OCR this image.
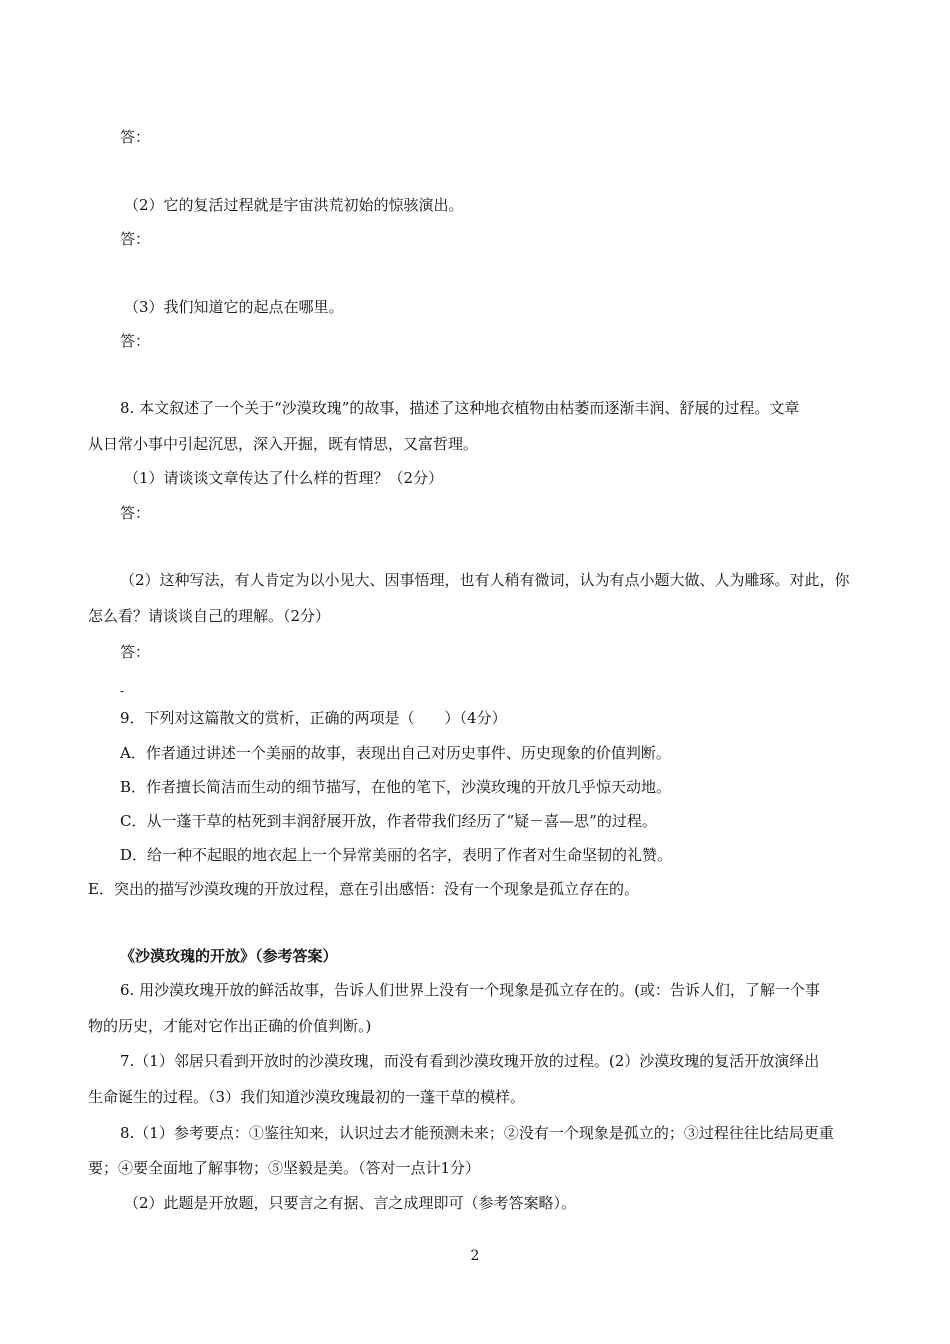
答：
（2）它的复活过程就是宇宙洪荒初始的惊骇演出。
答：
（3）我们知道它的起点在哪里。
答：
8. 本文叙述了一个关于“沙漠玫瑰”的故事，描述了这种地衣植物由枯萎而逐渐丰润、舒展的过程。文章
从日常小事中引起沉思，深入开掘，既有情思，又富哲理。
（1）请谈谈文章传达了什么样的哲理？（2分）
答：
（2）这种写法，有人肯定为以小见大、因事悟理，也有人稍有微词，认为有点小题大做、人为雕琢。对此，你
怎么看？请谈谈自己的理解。（2分）
答：
-
9．下列对这篇散文的赏析，正确的两项是（　　）（4分）
A．作者通过讲述一个美丽的故事，表现出自己对历史事件、历史现象的价值判断。
B．作者擅长简洁而生动的细节描写，在他的笔下，沙漠玫瑰的开放几乎惊天动地。
C．从一蓬干草的枯死到丰润舒展开放，作者带我们经历了“疑－喜—思”的过程。
D．给一种不起眼的地衣起上一个异常美丽的名字，表明了作者对生命坚韧的礼赞。
E．突出的描写沙漠玫瑰的开放过程，意在引出感悟：没有一个现象是孤立存在的。
《沙漠玫瑰的开放》（参考答案）
6. 用沙漠玫瑰开放的鲜活故事，告诉人们世界上没有一个现象是孤立存在的。(或：告诉人们，了解一个事
物的历史，才能对它作出正确的价值判断。)
7.（1）邻居只看到开放时的沙漠玫瑰，而没有看到沙漠玫瑰开放的过程。(2）沙漠玫瑰的复活开放演绎出
生命诞生的过程。（3）我们知道沙漠玫瑰最初的一蓬干草的模样。
8.（1）参考要点：①鉴往知来，认识过去才能预测未来；②没有一个现象是孤立的；③过程往往比结局更重
要；④要全面地了解事物；⑤坚毅是美。（答对一点计1分）
（2）此题是开放题，只要言之有据、言之成理即可（参考答案略）。
2
